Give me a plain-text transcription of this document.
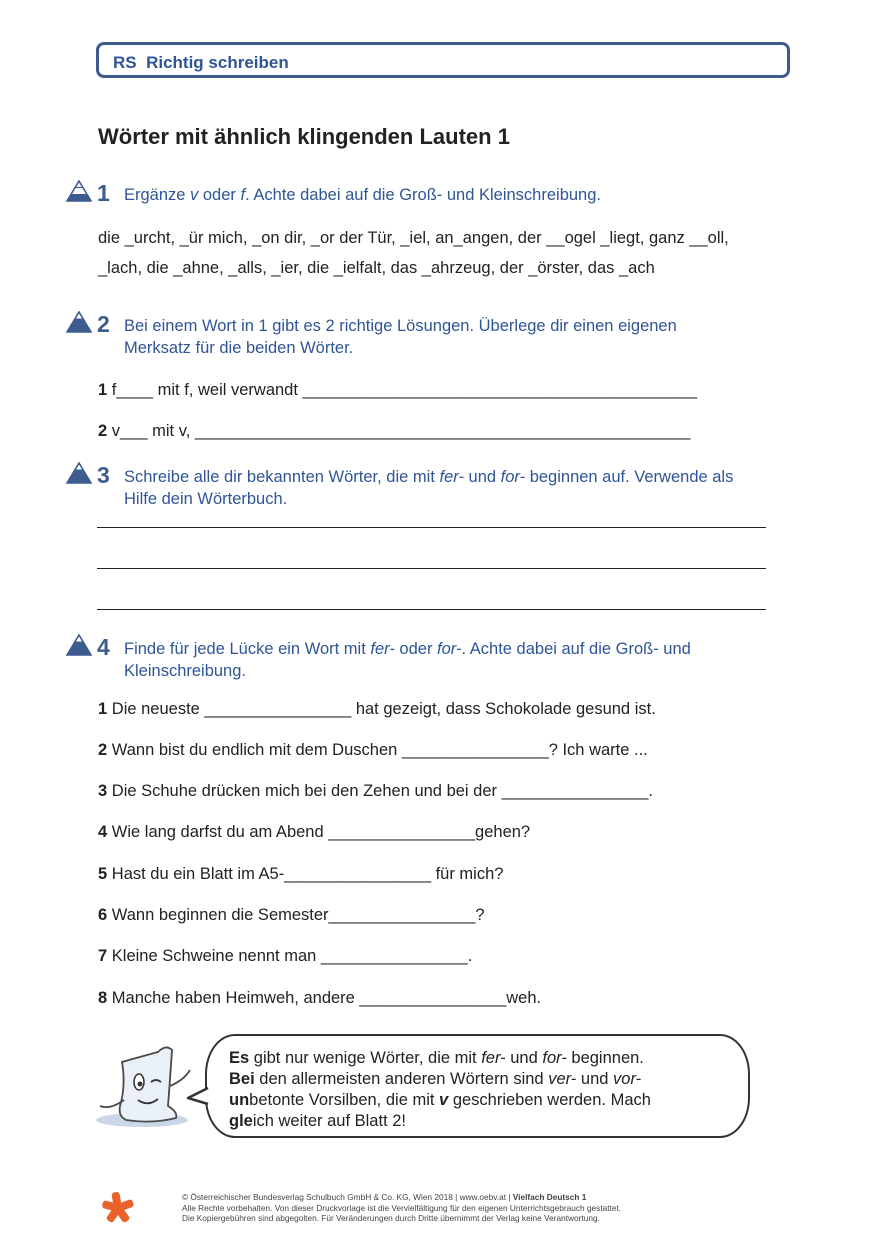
RS Richtig schreiben
Wörter mit ähnlich klingenden Lauten 1
1 Ergänze v oder f. Achte dabei auf die Groß- und Kleinschreibung.
die _urcht, _ür mich, _on dir, _or der Tür, _iel, an_angen, der __ogel _liegt, ganz __oll,
_lach, die _ahne, _alls, _ier, die _ielfalt, das _ahrzeug, der _örster, das _ach
2 Bei einem Wort in 1 gibt es 2 richtige Lösungen. Überlege dir einen eigenen
Merksatz für die beiden Wörter.
1 f____ mit f, weil verwandt ___________________________________________
2 v___ mit v, ______________________________________________________
3 Schreibe alle dir bekannten Wörter, die mit fer- und for- beginnen auf. Verwende als
Hilfe dein Wörterbuch.
4 Finde für jede Lücke ein Wort mit fer- oder for-. Achte dabei auf die Groß- und
Kleinschreibung.
1 Die neueste ________________ hat gezeigt, dass Schokolade gesund ist.
2 Wann bist du endlich mit dem Duschen ________________? Ich warte ...
3 Die Schuhe drücken mich bei den Zehen und bei der ________________.
4 Wie lang darfst du am Abend ________________gehen?
5 Hast du ein Blatt im A5-________________ für mich?
6 Wann beginnen die Semester________________?
7 Kleine Schweine nennt man ________________.
8 Manche haben Heimweh, andere ________________weh.
Es gibt nur wenige Wörter, die mit fer- und for- beginnen.
Bei den allermeisten anderen Wörtern sind ver- und vor-
unbetonte Vorsilben, die mit v geschrieben werden. Mach
gleich weiter auf Blatt 2!
© Österreichischer Bundesverlag Schulbuch GmbH & Co. KG, Wien 2018 | www.oebv.at | Vielfach Deutsch 1
Alle Rechte vorbehalten. Von dieser Druckvorlage ist die Vervielfältigung für den eigenen Unterrichtsgebrauch gestattet.
Die Kopiergebühren sind abgegolten. Für Veränderungen durch Dritte übernimmt der Verlag keine Verantwortung.
